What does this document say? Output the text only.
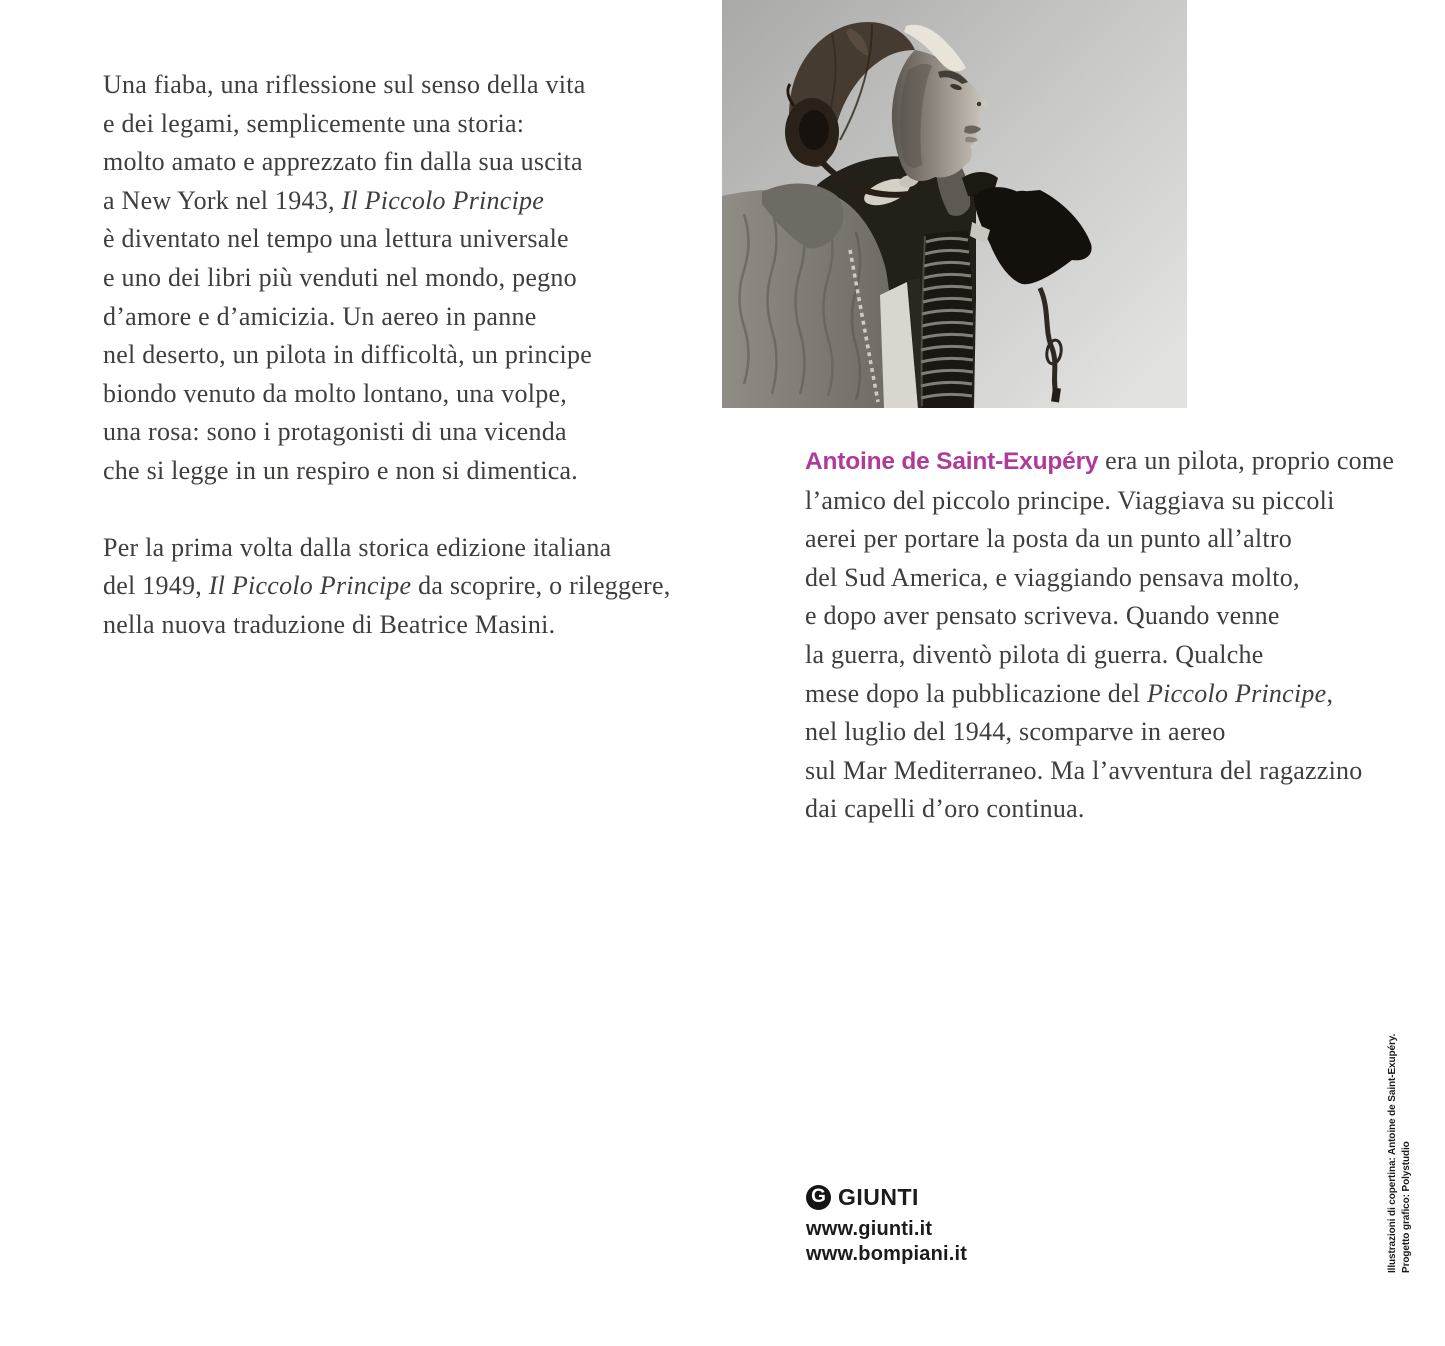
Una fiaba, una riflessione sul senso della vita
e dei legami, semplicemente una storia:
molto amato e apprezzato fin dalla sua uscita
a New York nel 1943, Il Piccolo Principe
è diventato nel tempo una lettura universale
e uno dei libri più venduti nel mondo, pegno
d’amore e d’amicizia. Un aereo in panne
nel deserto, un pilota in difficoltà, un principe
biondo venuto da molto lontano, una volpe,
una rosa: sono i protagonisti di una vicenda
che si legge in un respiro e non si dimentica.
Per la prima volta dalla storica edizione italiana
del 1949, Il Piccolo Principe da scoprire, o rileggere,
nella nuova traduzione di Beatrice Masini.
Antoine de Saint-Exupéry era un pilota, proprio come
l’amico del piccolo principe. Viaggiava su piccoli
aerei per portare la posta da un punto all’altro
del Sud America, e viaggiando pensava molto,
e dopo aver pensato scriveva. Quando venne
la guerra, diventò pilota di guerra. Qualche
mese dopo la pubblicazione del Piccolo Principe,
nel luglio del 1944, scomparve in aereo
sul Mar Mediterraneo. Ma l’avventura del ragazzino
dai capelli d’oro continua.
G GIUNTI
www.giunti.it
www.bompiani.it	Illustrazioni di copertina: Antoine de Saint-Exupéry. Progetto grafico: Polystudio
